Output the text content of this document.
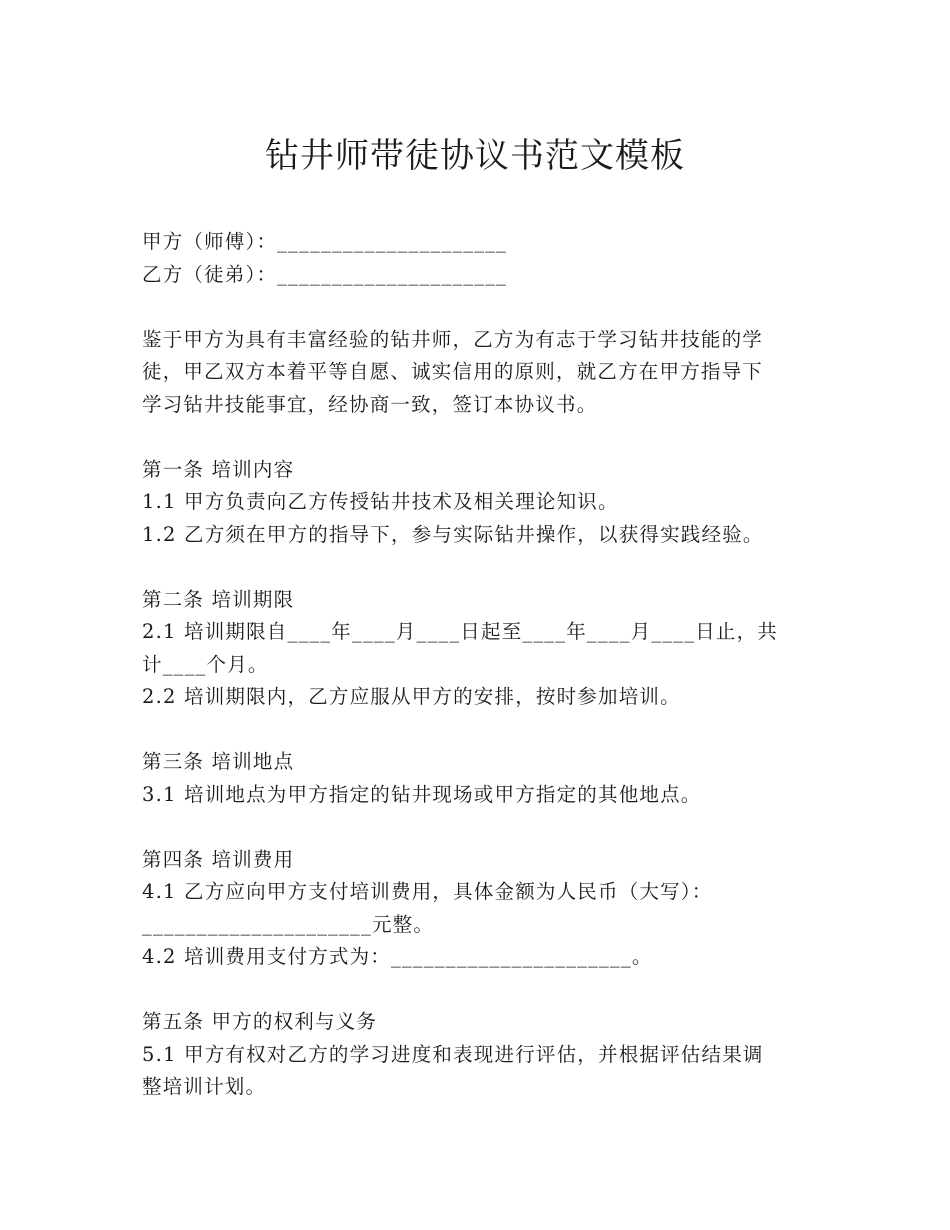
钻井师带徒协议书范文模板
甲方（师傅）：_____________________
乙方（徒弟）：_____________________
鉴于甲方为具有丰富经验的钻井师，乙方为有志于学习钻井技能的学
徒，甲乙双方本着平等自愿、诚实信用的原则，就乙方在甲方指导下
学习钻井技能事宜，经协商一致，签订本协议书。
第一条 培训内容
1.1 甲方负责向乙方传授钻井技术及相关理论知识。
1.2 乙方须在甲方的指导下，参与实际钻井操作，以获得实践经验。
第二条 培训期限
2.1 培训期限自____年____月____日起至____年____月____日止，共
计____个月。
2.2 培训期限内，乙方应服从甲方的安排，按时参加培训。
第三条 培训地点
3.1 培训地点为甲方指定的钻井现场或甲方指定的其他地点。
第四条 培训费用
4.1 乙方应向甲方支付培训费用，具体金额为人民币（大写）：
_____________________元整。
4.2 培训费用支付方式为：______________________。
第五条 甲方的权利与义务
5.1 甲方有权对乙方的学习进度和表现进行评估，并根据评估结果调
整培训计划。
